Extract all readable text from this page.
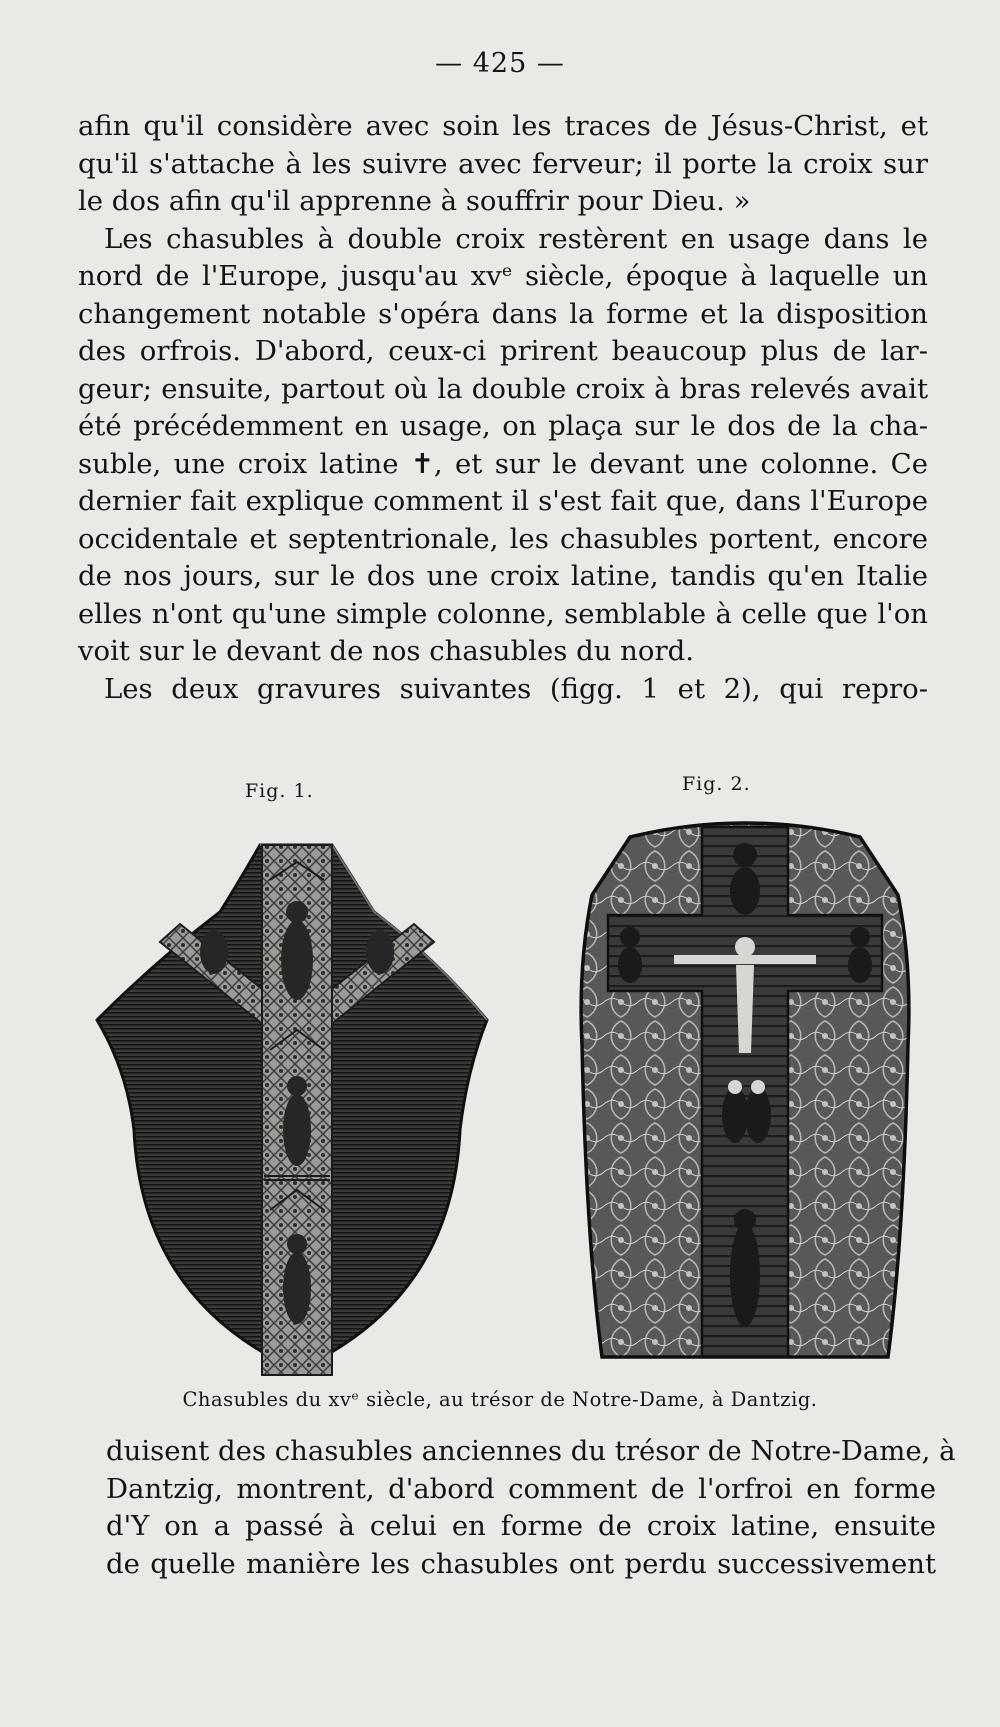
— 425 —
afin qu'il considère avec soin les traces de Jésus-Christ, et
qu'il s'attache à les suivre avec ferveur; il porte la croix sur
le dos afin qu'il apprenne à souffrir pour Dieu. »
Les chasubles à double croix restèrent en usage dans le
nord de l'Europe, jusqu'au xvᵉ siècle, époque à laquelle un
changement notable s'opéra dans la forme et la disposition
des orfrois. D'abord, ceux-ci prirent beaucoup plus de lar-
geur; ensuite, partout où la double croix à bras relevés avait
été précédemment en usage, on plaça sur le dos de la cha-
suble, une croix latine ✝, et sur le devant une colonne. Ce
dernier fait explique comment il s'est fait que, dans l'Europe
occidentale et septentrionale, les chasubles portent, encore
de nos jours, sur le dos une croix latine, tandis qu'en Italie
elles n'ont qu'une simple colonne, semblable à celle que l'on
voit sur le devant de nos chasubles du nord.
Les deux gravures suivantes (figg. 1 et 2), qui repro-
Fig. 1.	Fig. 2.
Chasubles du xvᵉ siècle, au trésor de Notre-Dame, à Dantzig.
duisent des chasubles anciennes du trésor de Notre-Dame, à
Dantzig, montrent, d'abord comment de l'orfroi en forme
d'Y on a passé à celui en forme de croix latine, ensuite
de quelle manière les chasubles ont perdu successivement
